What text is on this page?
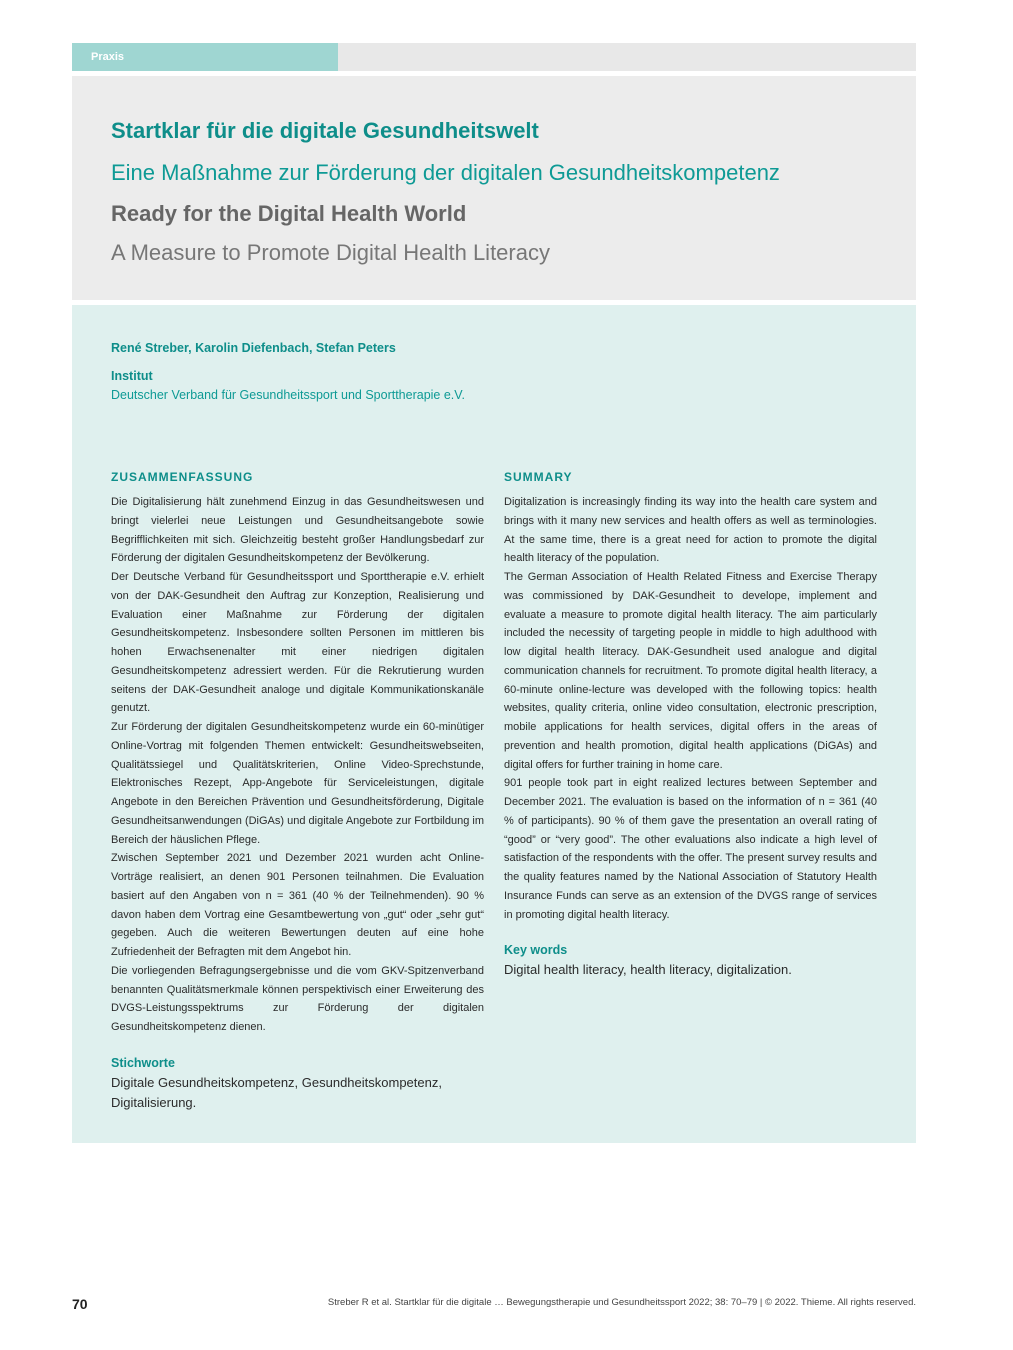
Praxis
Startklar für die digitale Gesundheitswelt
Eine Maßnahme zur Förderung der digitalen Gesundheitskompetenz
Ready for the Digital Health World
A Measure to Promote Digital Health Literacy
René Streber, Karolin Diefenbach, Stefan Peters
Institut
Deutscher Verband für Gesundheitssport und Sporttherapie e.V.
ZUSAMMENFASSUNG

Die Digitalisierung hält zunehmend Einzug in das Gesundheitswesen und bringt vielerlei neue Leistungen und Gesundheitsangebote sowie Begrifflichkeiten mit sich. Gleichzeitig besteht großer Handlungsbedarf zur Förderung der digitalen Gesundheitskompetenz der Bevölkerung.

Der Deutsche Verband für Gesundheitssport und Sporttherapie e.V. erhielt von der DAK-Gesundheit den Auftrag zur Konzeption, Realisierung und Evaluation einer Maßnahme zur Förderung der digitalen Gesundheitskompetenz. Insbesondere sollten Personen im mittleren bis hohen Erwachsenenalter mit einer niedrigen digitalen Gesundheitskompetenz adressiert werden. Für die Rekrutierung wurden seitens der DAK-Gesundheit analoge und digitale Kommunikationskanäle genutzt.

Zur Förderung der digitalen Gesundheitskompetenz wurde ein 60-minütiger Online-Vortrag mit folgenden Themen entwickelt: Gesundheitswebseiten, Qualitätssiegel und Qualitätskriterien, Online Video-Sprechstunde, Elektronisches Rezept, App-Angebote für Serviceleistungen, digitale Angebote in den Bereichen Prävention und Gesundheitsförderung, Digitale Gesundheitsanwendungen (DiGAs) und digitale Angebote zur Fortbildung im Bereich der häuslichen Pflege.

Zwischen September 2021 und Dezember 2021 wurden acht Online-Vorträge realisiert, an denen 901 Personen teilnahmen. Die Evaluation basiert auf den Angaben von n = 361 (40 % der Teilnehmenden). 90 % davon haben dem Vortrag eine Gesamtbewertung von „gut“ oder „sehr gut“ gegeben. Auch die weiteren Bewertungen deuten auf eine hohe Zufriedenheit der Befragten mit dem Angebot hin.

Die vorliegenden Befragungsergebnisse und die vom GKV-Spitzenverband benannten Qualitätsmerkmale können perspektivisch einer Erweiterung des DVGS-Leistungsspektrums zur Förderung der digitalen Gesundheitskompetenz dienen.

Stichworte
Digitale Gesundheitskompetenz, Gesundheitskompetenz, Digitalisierung.
SUMMARY

Digitalization is increasingly finding its way into the health care system and brings with it many new services and health offers as well as terminologies. At the same time, there is a great need for action to promote the digital health literacy of the population.

The German Association of Health Related Fitness and Exercise Therapy was commissioned by DAK-Gesundheit to develope, implement and evaluate a measure to promote digital health literacy. The aim particularly included the necessity of targeting people in middle to high adulthood with low digital health literacy. DAK-Gesundheit used analogue and digital communication channels for recruitment. To promote digital health literacy, a 60-minute online-lecture was developed with the following topics: health websites, quality criteria, online video consultation, electronic prescription, mobile applications for health services, digital offers in the areas of prevention and health promotion, digital health applications (DiGAs) and digital offers for further training in home care.

901 people took part in eight realized lectures between September and December 2021. The evaluation is based on the information of n = 361 (40 % of participants). 90 % of them gave the presentation an overall rating of “good” or “very good”. The other evaluations also indicate a high level of satisfaction of the respondents with the offer. The present survey results and the quality features named by the National Association of Statutory Health Insurance Funds can serve as an extension of the DVGS range of services in promoting digital health literacy.

Key words
Digital health literacy, health literacy, digitalization.
70	Streber R et al. Startklar für die digitale … Bewegungstherapie und Gesundheitssport 2022; 38: 70–79 | © 2022. Thieme. All rights reserved.
